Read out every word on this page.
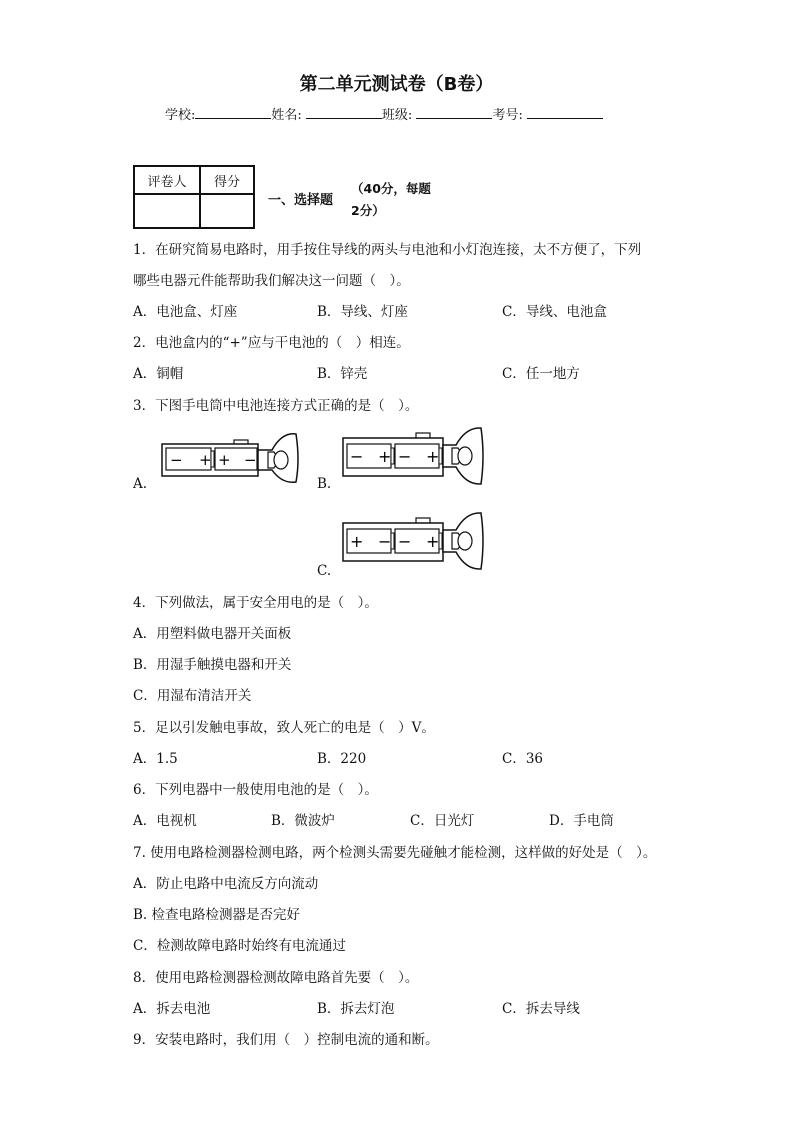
第二单元测试卷（B卷）
学校:	姓名:	班级:	考号:
评卷人	得分

一、选择题
（40分，每题2分）
1．在研究简易电路时，用手按住导线的两头与电池和小灯泡连接，太不方便了，下列
哪些电器元件能帮助我们解决这一问题（　）。
A．电池盒、灯座	B．导线、灯座	C．导线、电池盒
2．电池盒内的“+”应与干电池的（　）相连。
A．铜帽	B．锌壳	C．任一地方
3．下图手电筒中电池连接方式正确的是（　）。
A.	B.
C.
− + + −	− + − +
+ − − +
4．下列做法，属于安全用电的是（　）。
A．用塑料做电器开关面板
B．用湿手触摸电器和开关
C．用湿布清洁开关
5．足以引发触电事故，致人死亡的电是（　）V。
A．1.5	B．220	C．36
6．下列电器中一般使用电池的是（　）。
A．电视机	B．微波炉	C．日光灯	D．手电筒
7. 使用电路检测器检测电路，两个检测头需要先碰触才能检测，这样做的好处是（　）。
A．防止电路中电流反方向流动
B. 检查电路检测器是否完好
C．检测故障电路时始终有电流通过
8．使用电路检测器检测故障电路首先要（　）。
A．拆去电池	B．拆去灯泡	C．拆去导线
9．安装电路时，我们用（　）控制电流的通和断。
